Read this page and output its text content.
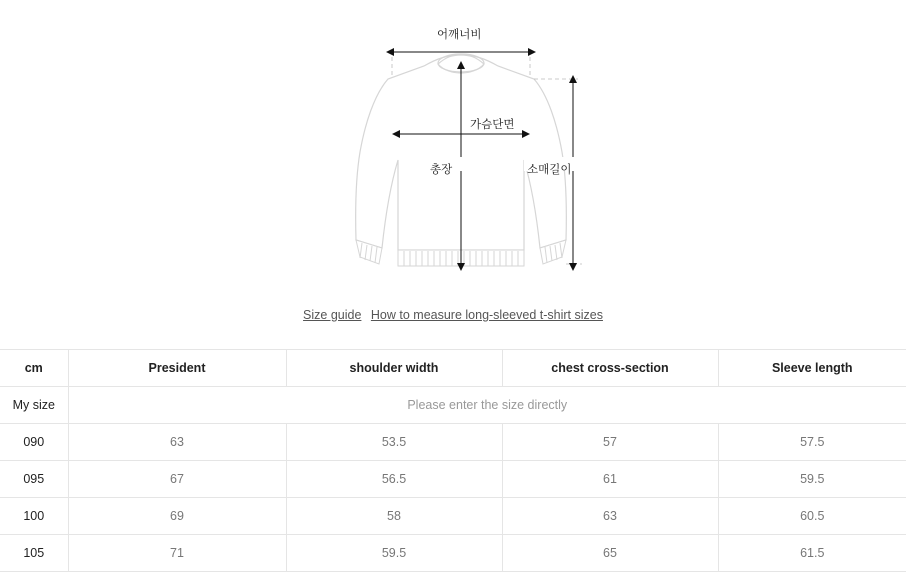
어깨너비
가슴단면
총장	소매길이
Size guide How to measure long-sleeved t-shirt sizes
cm	President	shoulder width	chest cross-section	Sleeve length
My size	Please enter the size directly			
090	63	53.5	57	57.5
095	67	56.5	61	59.5
100	69	58	63	60.5
105	71	59.5	65	61.5
